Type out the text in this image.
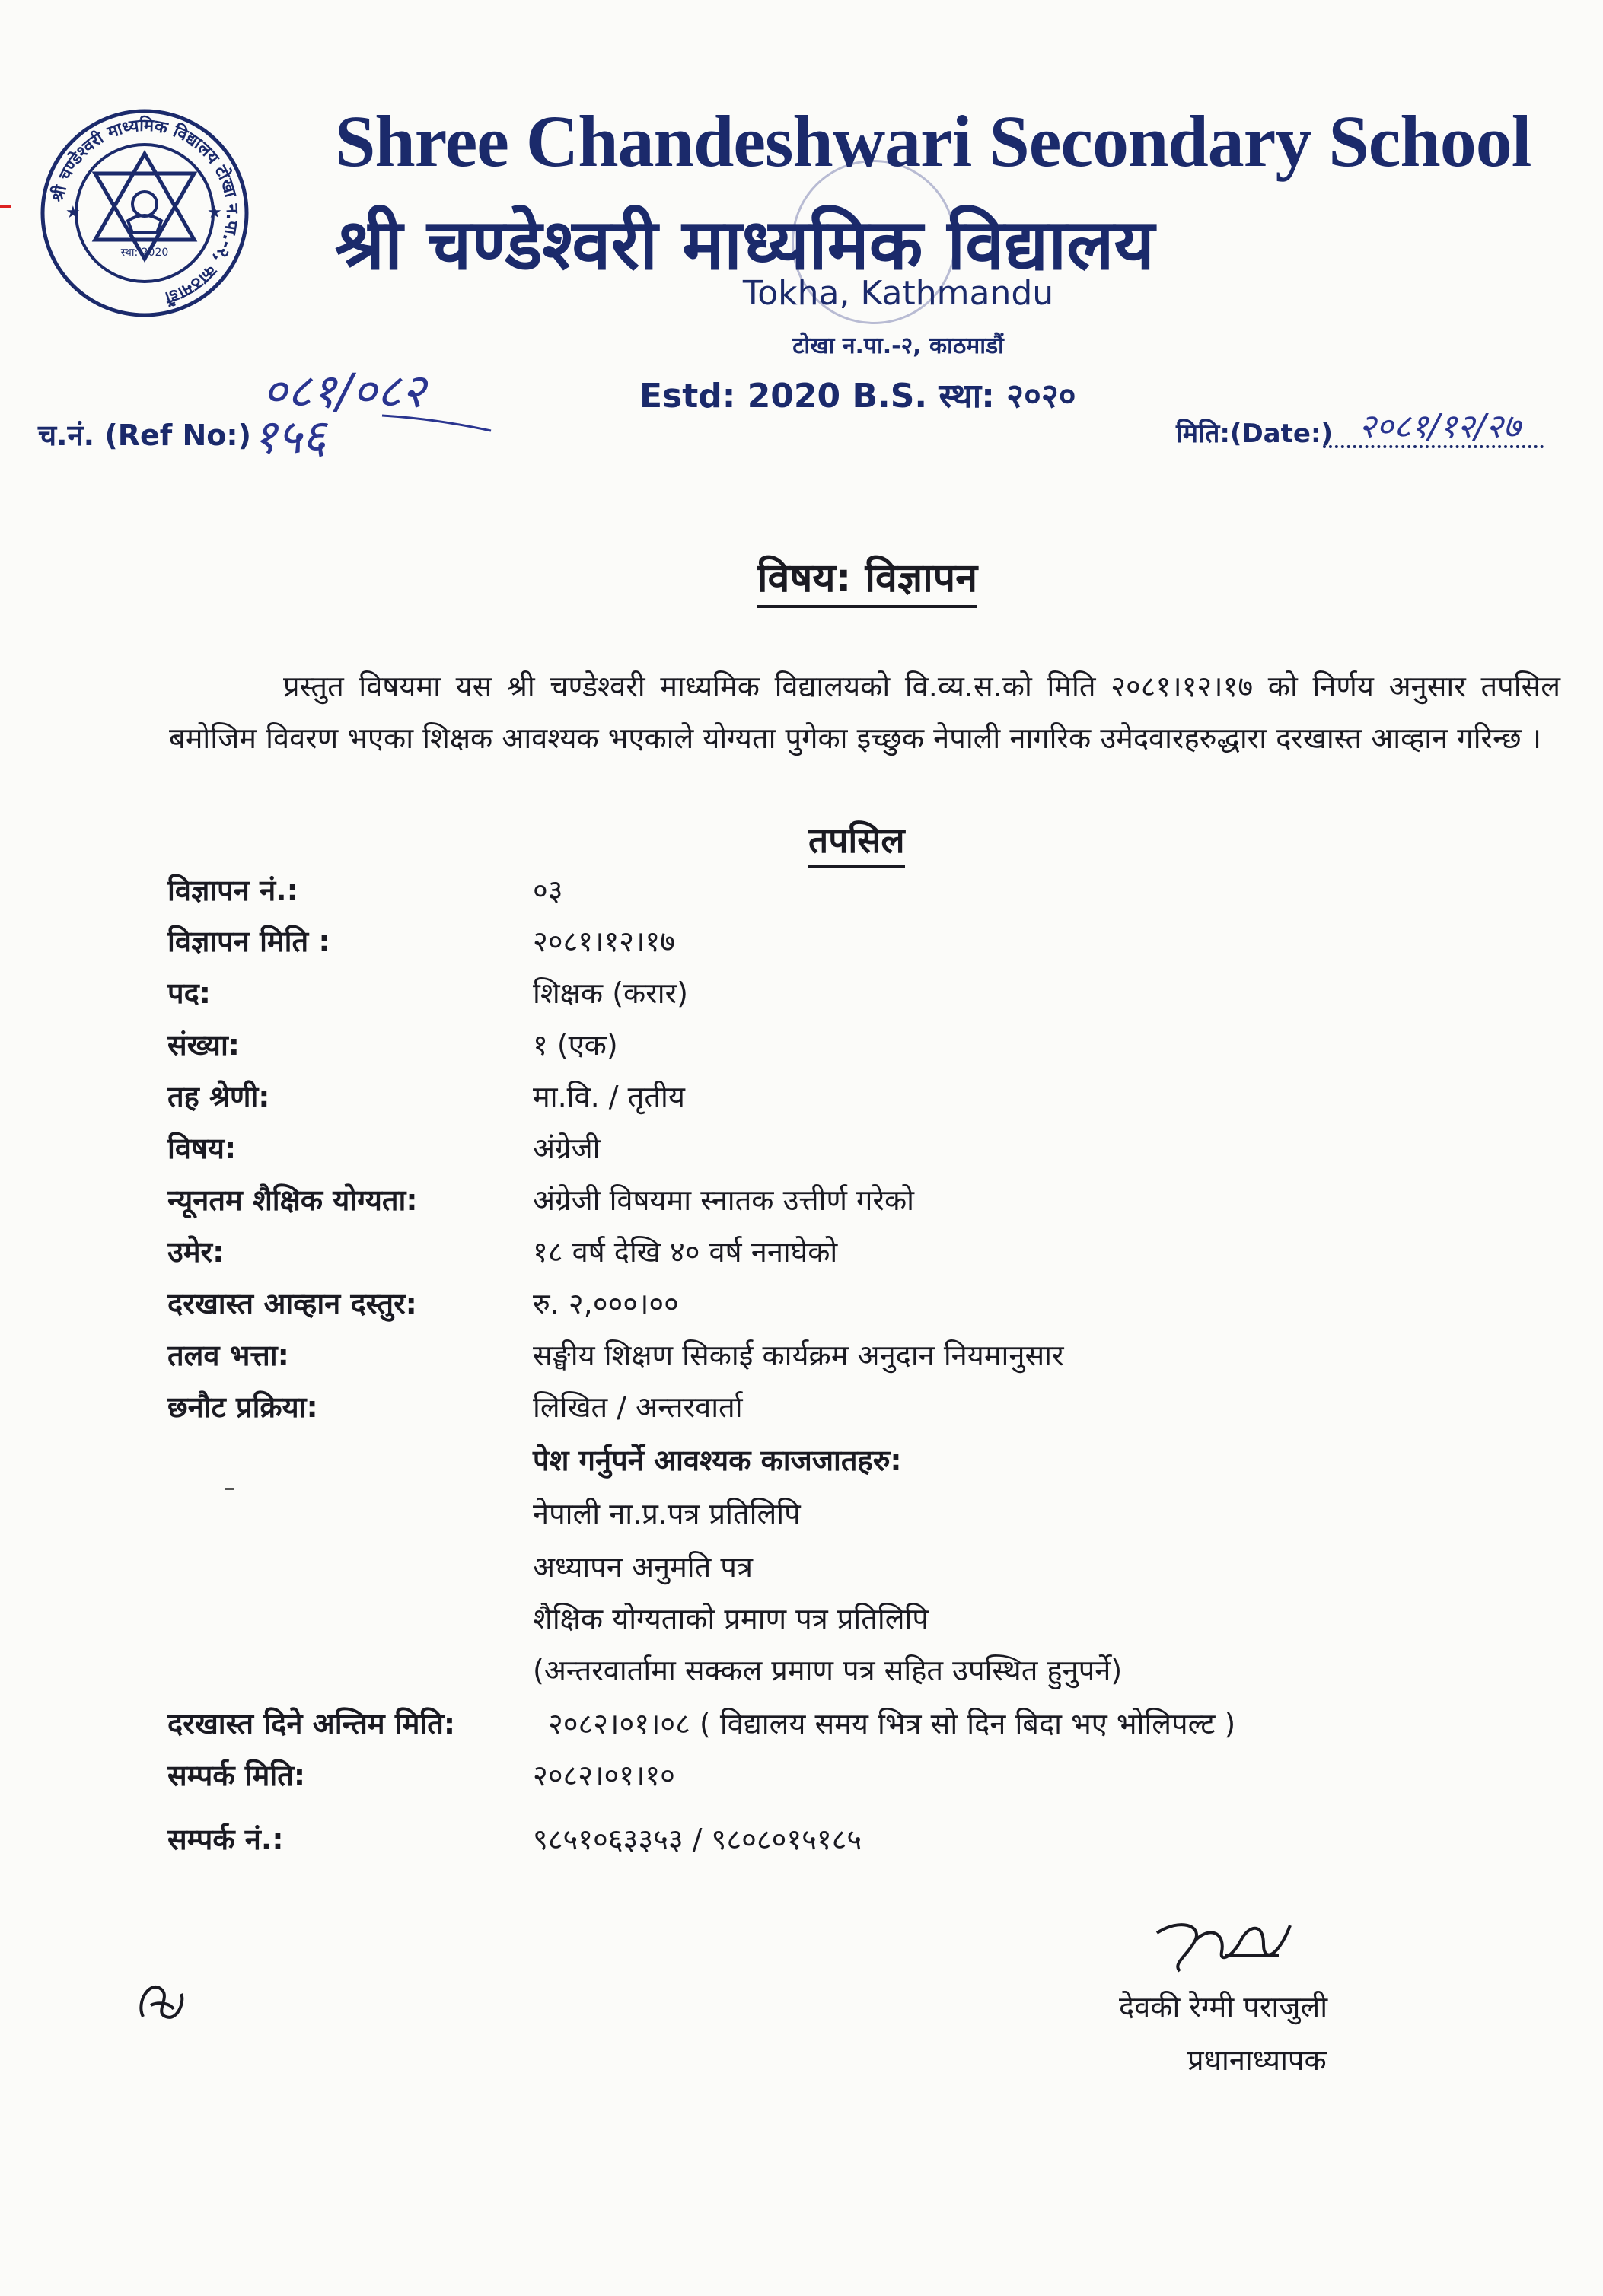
श्री चण्डेश्वरी माध्यमिक विद्यालय टोखा न.पा.-२, काठमाडौं
स्था: 2020
★	★
Shree Chandeshwari Secondary School
श्री चण्डेश्वरी माध्यमिक विद्यालय
Tokha, Kathmandu
टोखा न.पा.-२, काठमाडौं
Estd: 2020 B.S. स्था: २०२०
च.नं. (Ref No:)
०८१/०८२
१५६	मिति:(Date:) २०८१/१२/२७
विषय: विज्ञापन
प्रस्तुत विषयमा यस श्री चण्डेश्वरी माध्यमिक विद्यालयको वि.व्य.स.को मिति २०८१।१२।१७ को निर्णय अनुसार तपसिल बमोजिम विवरण भएका शिक्षक आवश्यक भएकाले योग्यता पुगेका इच्छुक नेपाली नागरिक उमेदवारहरुद्धारा दरखास्त आव्हान गरिन्छ ।
तपसिल
विज्ञापन नं.:	०३
विज्ञापन मिति :	२०८१।१२।१७
पद:	शिक्षक (करार)
संख्या:	१ (एक)
तह श्रेणी:	मा.वि. / तृतीय
विषय:	अंग्रेजी
न्यूनतम शैक्षिक योग्यता:	अंग्रेजी विषयमा स्नातक उत्तीर्ण गरेको
उमेर:	१८ वर्ष देखि ४० वर्ष ननाघेको
दरखास्त आव्हान दस्तुर:	रु. २,०००।००
तलव भत्ता:	सङ्घीय शिक्षण सिकाई कार्यक्रम अनुदान नियमानुसार
छनौट प्रक्रिया:	लिखित / अन्तरवार्ता
पेश गर्नुपर्ने आवश्यक काजजातहरु:
नेपाली ना.प्र.पत्र प्रतिलिपि
अध्यापन अनुमति पत्र
शैक्षिक योग्यताको प्रमाण पत्र प्रतिलिपि
(अन्तरवार्तामा सक्कल प्रमाण पत्र सहित उपस्थित हुनुपर्ने)
दरखास्त दिने अन्तिम मिति:	२०८२।०१।०८ ( विद्यालय समय भित्र सो दिन बिदा भए भोलिपल्ट )
सम्पर्क मिति:	२०८२।०१।१०
सम्पर्क नं.:	९८५१०६३३५३ / ९८०८०१५१८५
देवकी रेग्मी पराजुली
प्रधानाध्यापक
